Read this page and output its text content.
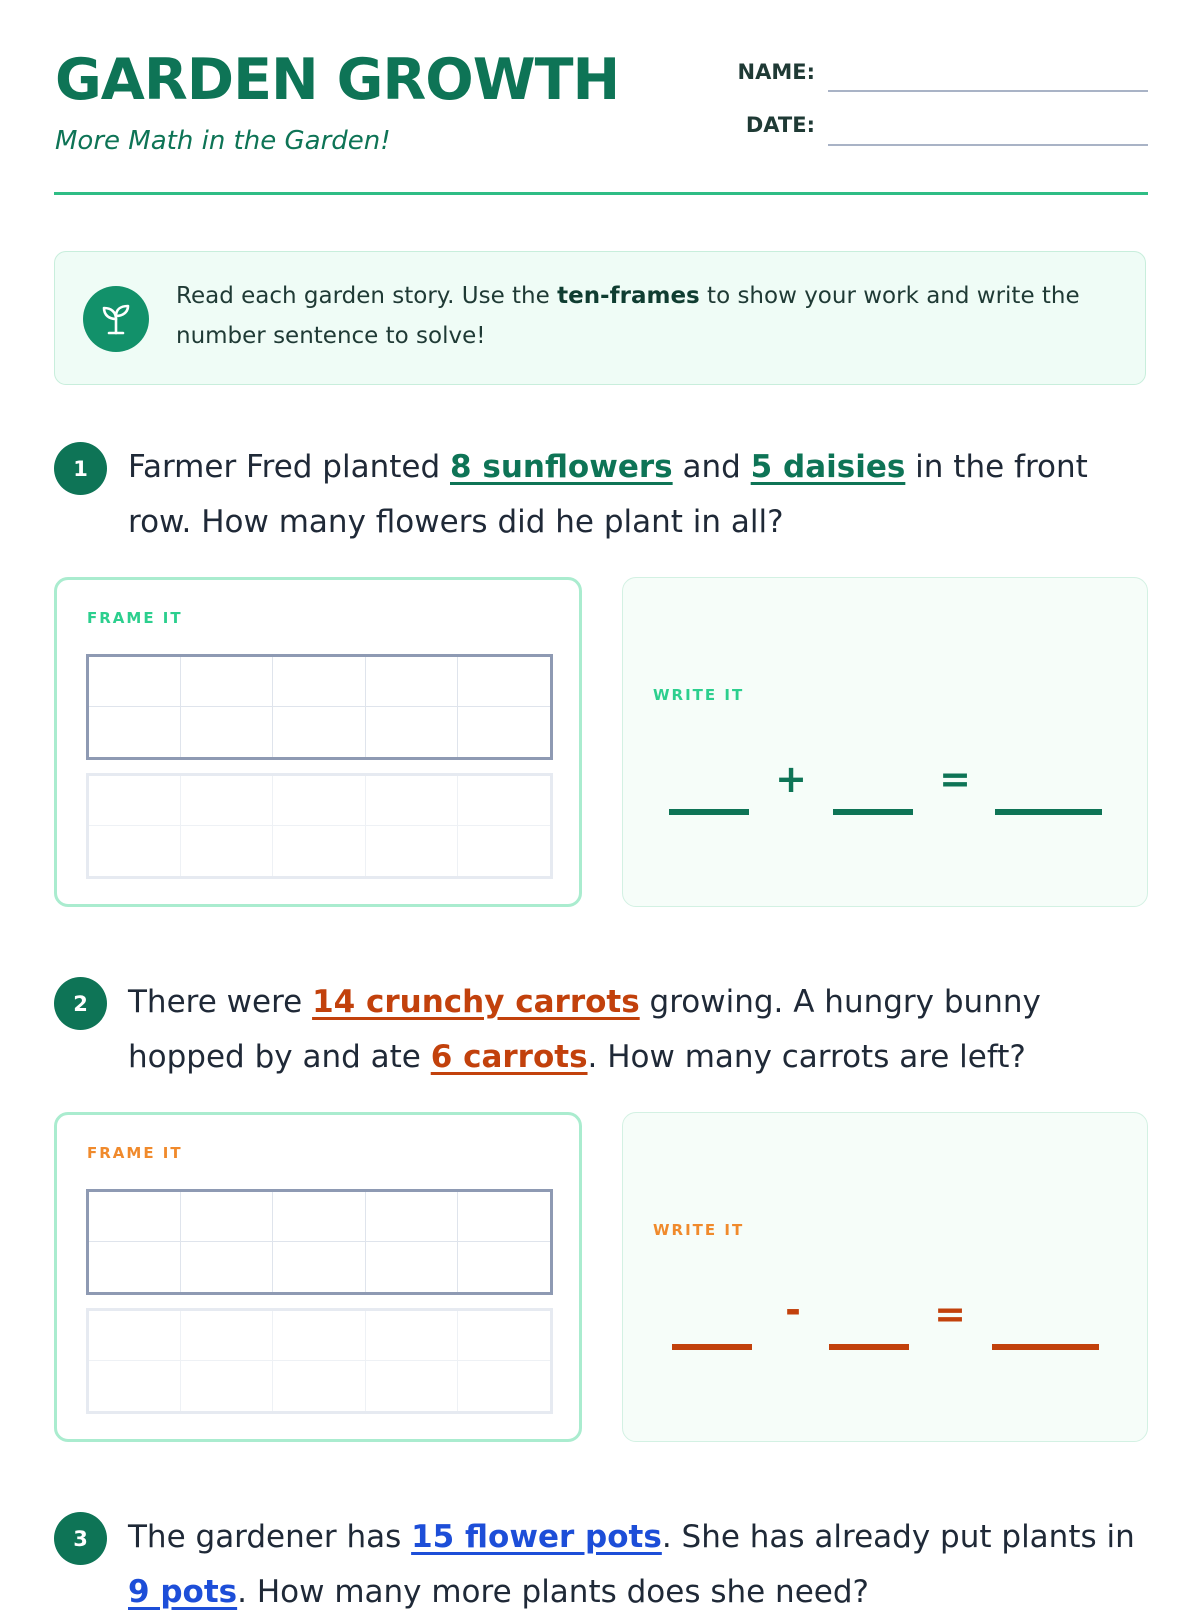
GARDEN GROWTH

More Math in the Garden!

NAME:
DATE:
Read each garden story. Use the ten-frames to show your work and write the number sentence to solve!
1	Farmer Fred planted 8 sunflowers and 5 daisies in the front row. How many flowers did he plant in all?

FRAME IT
WRITE IT
+	=
2	There were 14 crunchy carrots growing. A hungry bunny hopped by and ate 6 carrots. How many carrots are left?

FRAME IT
WRITE IT
-	=
3	The gardener has 15 flower pots. She has already put plants in 9 pots. How many more plants does she need?
